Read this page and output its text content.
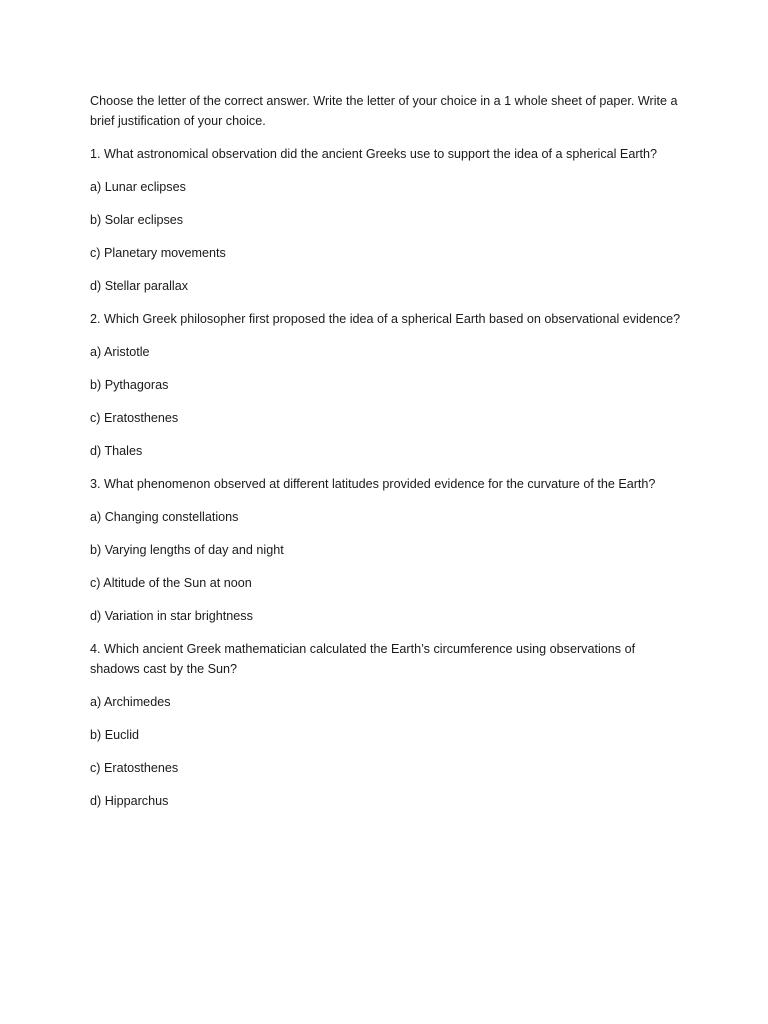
Choose the letter of the correct answer. Write the letter of your choice in a 1 whole sheet of paper. Write a brief justification of your choice.

1. What astronomical observation did the ancient Greeks use to support the idea of a spherical Earth?

a) Lunar eclipses

b) Solar eclipses

c) Planetary movements

d) Stellar parallax

2. Which Greek philosopher first proposed the idea of a spherical Earth based on observational evidence?

a) Aristotle

b) Pythagoras

c) Eratosthenes

d) Thales

3. What phenomenon observed at different latitudes provided evidence for the curvature of the Earth?

a) Changing constellations

b) Varying lengths of day and night

c) Altitude of the Sun at noon

d) Variation in star brightness

4. Which ancient Greek mathematician calculated the Earth’s circumference using observations of shadows cast by the Sun?

a) Archimedes

b) Euclid

c) Eratosthenes

d) Hipparchus
